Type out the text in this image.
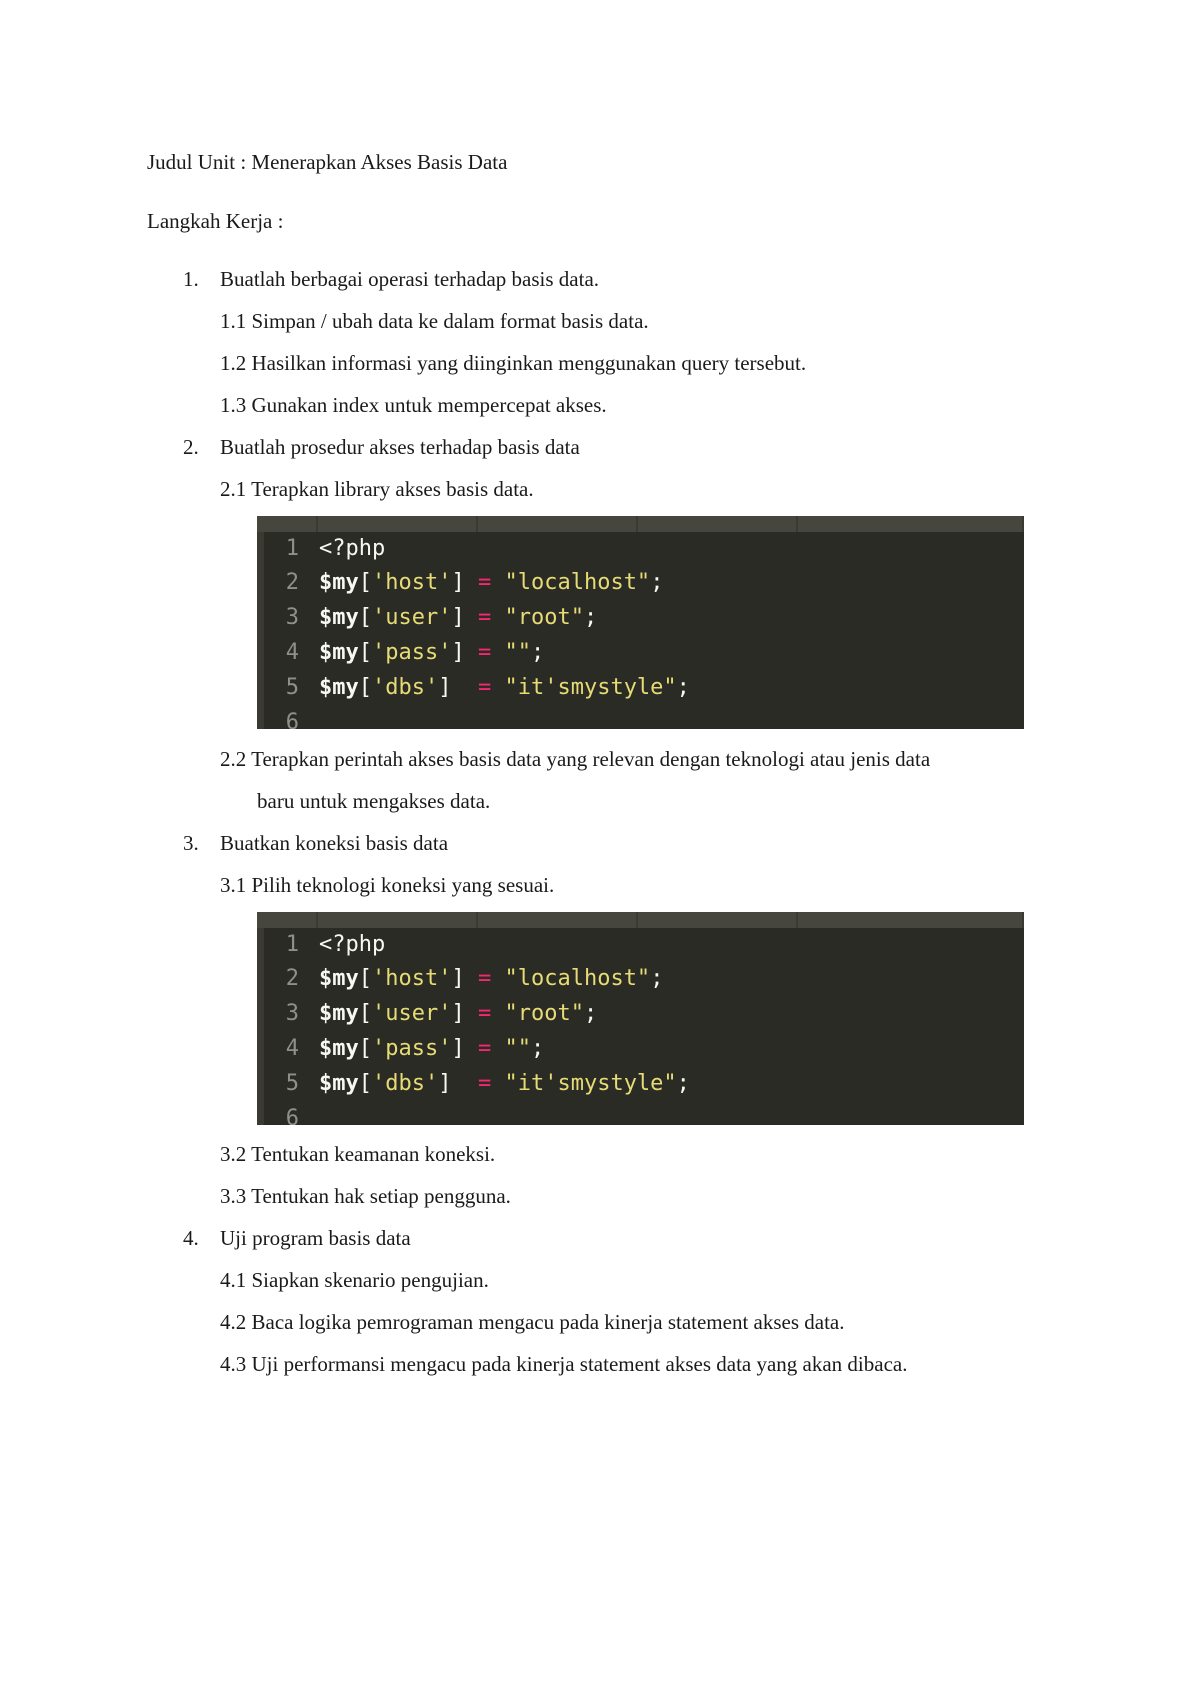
Judul Unit : Menerapkan Akses Basis Data
Langkah Kerja :
1. Buatlah berbagai operasi terhadap basis data.
1.1 Simpan / ubah data ke dalam format basis data.
1.2 Hasilkan informasi yang diinginkan menggunakan query tersebut.
1.3 Gunakan index untuk mempercepat akses.
2. Buatlah prosedur akses terhadap basis data
2.1 Terapkan library akses basis data.
1 <?php
2 $my['host'] = "localhost";
3 $my['user'] = "root";
4 $my['pass'] = "";
5 $my['dbs']  = "it'smystyle";
6
2.2 Terapkan perintah akses basis data yang relevan dengan teknologi atau jenis data
baru untuk mengakses data.
3. Buatkan koneksi basis data
3.1 Pilih teknologi koneksi yang sesuai.
1 <?php
2 $my['host'] = "localhost";
3 $my['user'] = "root";
4 $my['pass'] = "";
5 $my['dbs']  = "it'smystyle";
6
3.2 Tentukan keamanan koneksi.
3.3 Tentukan hak setiap pengguna.
4. Uji program basis data
4.1 Siapkan skenario pengujian.
4.2 Baca logika pemrograman mengacu pada kinerja statement akses data.
4.3 Uji performansi mengacu pada kinerja statement akses data yang akan dibaca.
